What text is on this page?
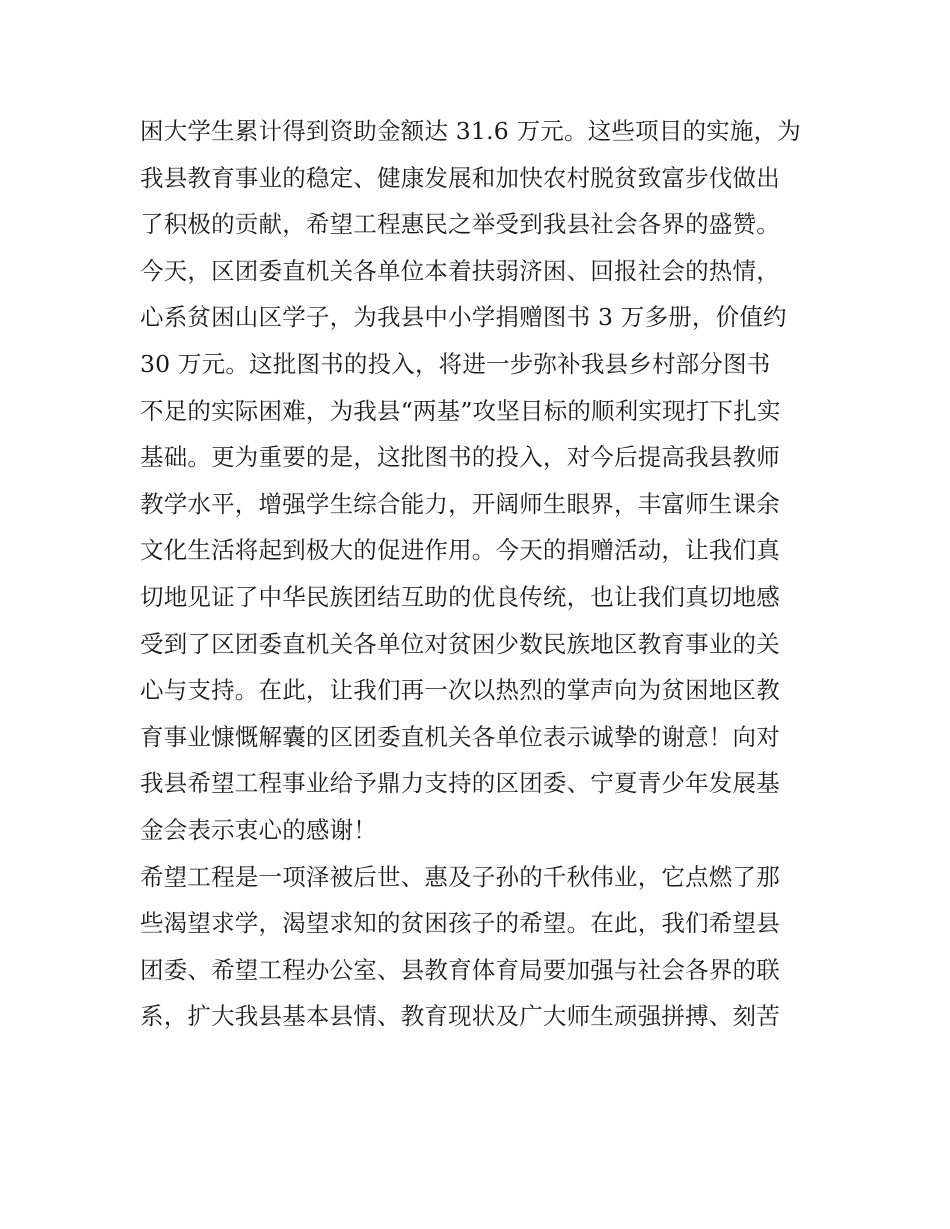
困大学生累计得到资助金额达 31.6 万元。这些项目的实施，为
我县教育事业的稳定、健康发展和加快农村脱贫致富步伐做出
了积极的贡献，希望工程惠民之举受到我县社会各界的盛赞。
今天，区团委直机关各单位本着扶弱济困、回报社会的热情，
心系贫困山区学子，为我县中小学捐赠图书 3 万多册，价值约
30 万元。这批图书的投入，将进一步弥补我县乡村部分图书
不足的实际困难，为我县“两基”攻坚目标的顺利实现打下扎实
基础。更为重要的是，这批图书的投入，对今后提高我县教师
教学水平，增强学生综合能力，开阔师生眼界，丰富师生课余
文化生活将起到极大的促进作用。今天的捐赠活动，让我们真
切地见证了中华民族团结互助的优良传统，也让我们真切地感
受到了区团委直机关各单位对贫困少数民族地区教育事业的关
心与支持。在此，让我们再一次以热烈的掌声向为贫困地区教
育事业慷慨解囊的区团委直机关各单位表示诚挚的谢意！向对
我县希望工程事业给予鼎力支持的区团委、宁夏青少年发展基
金会表示衷心的感谢！
希望工程是一项泽被后世、惠及子孙的千秋伟业，它点燃了那
些渴望求学，渴望求知的贫困孩子的希望。在此，我们希望县
团委、希望工程办公室、县教育体育局要加强与社会各界的联
系，扩大我县基本县情、教育现状及广大师生顽强拼搏、刻苦
